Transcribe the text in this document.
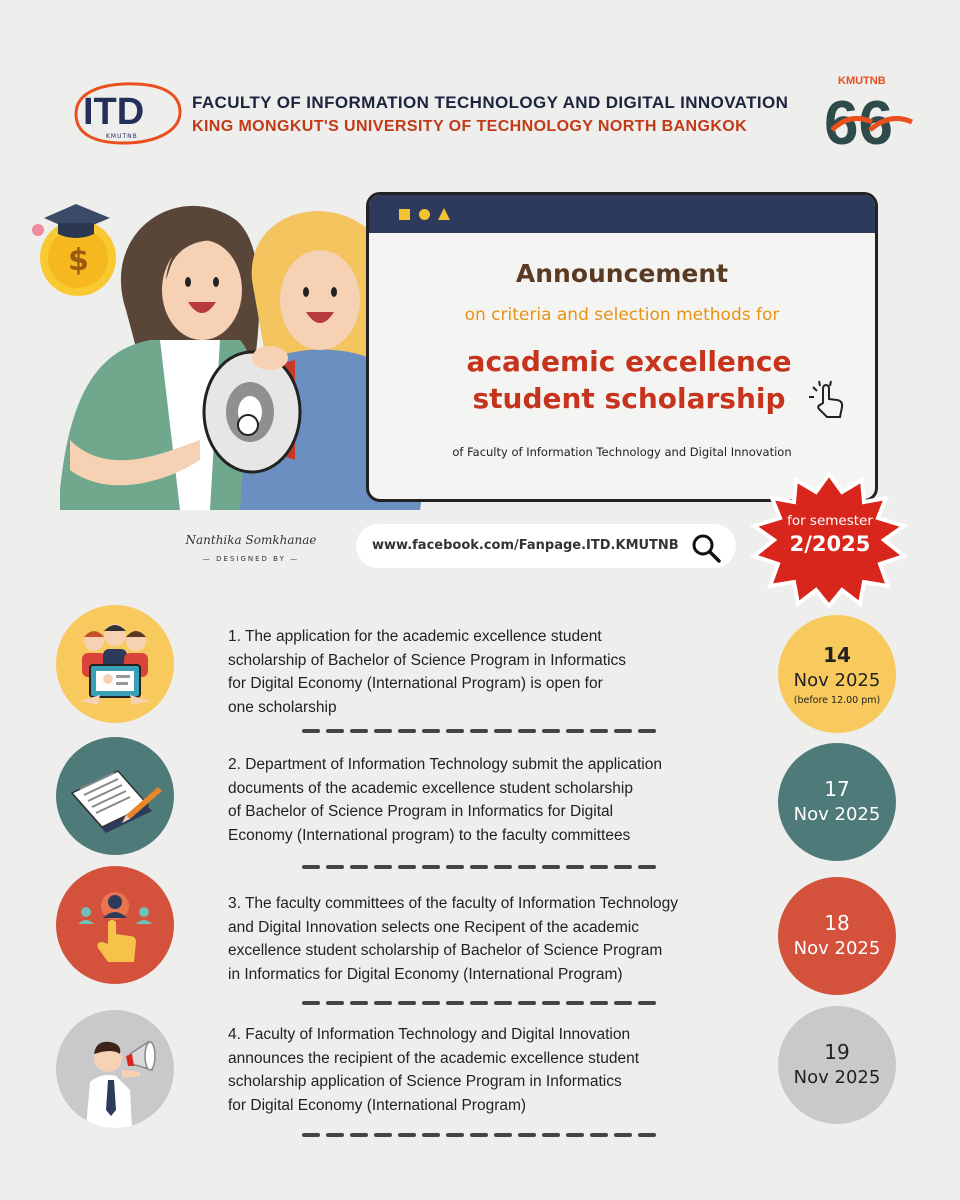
ITD
KMUTNB
FACULTY OF INFORMATION TECHNOLOGY AND DIGITAL INNOVATION
KING MONGKUT'S UNIVERSITY OF TECHNOLOGY NORTH BANGKOK
KMUTNB
66
$	Announcement
on criteria and selection methods for
academic excellence
student scholarship
of Faculty of Information Technology and Digital Innovation
for semester
2/2025
Nanthika Somkhanae
— DESIGNED BY —
www.facebook.com/Fanpage.ITD.KMUTNB
1. The application for the academic excellence student
scholarship of Bachelor of Science Program in Informatics
for Digital Economy (International Program) is open for
one scholarship
14
Nov 2025
(before 12.00 pm)
2. Department of Information Technology submit the application
documents of the academic excellence student scholarship
of Bachelor of Science Program in Informatics for Digital
Economy (International program) to the faculty committees
17
Nov 2025
3. The faculty committees of the faculty of Information Technology
and Digital Innovation selects one Recipent of the academic
excellence student scholarship of Bachelor of Science Program
in Informatics for Digital Economy (International Program)
18
Nov 2025
4. Faculty of Information Technology and Digital Innovation
announces the recipient of the academic excellence student
scholarship application of Science Program in Informatics
for Digital Economy (International Program)
19
Nov 2025
